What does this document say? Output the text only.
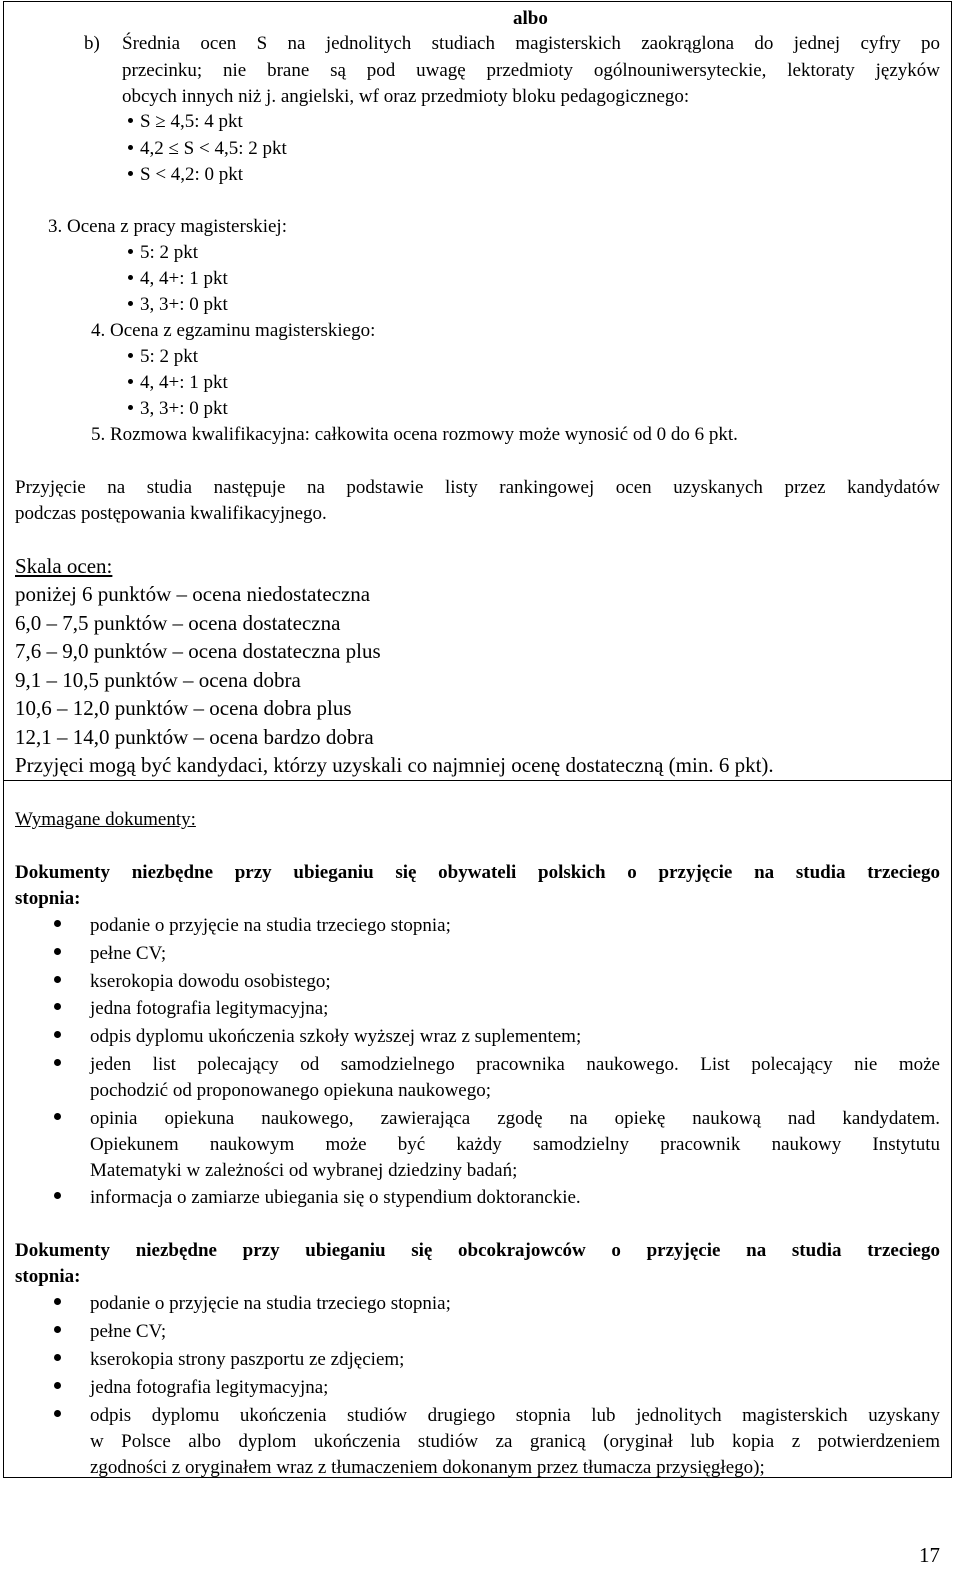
albo
b) Średnia ocen S na jednolitych studiach magisterskich zaokrąglona do jednej cyfry po
przecinku; nie brane są pod uwagę przedmioty ogólnouniwersyteckie, lektoraty języków
obcych innych niż j. angielski, wf oraz przedmioty bloku pedagogicznego:
S ≥ 4,5: 4 pkt
4,2 ≤ S < 4,5: 2 pkt
S < 4,2: 0 pkt
3. Ocena z pracy magisterskiej:
5: 2 pkt
4, 4+: 1 pkt
3, 3+: 0 pkt
4. Ocena z egzaminu magisterskiego:
5: 2 pkt
4, 4+: 1 pkt
3, 3+: 0 pkt
5. Rozmowa kwalifikacyjna: całkowita ocena rozmowy może wynosić od 0 do 6 pkt.
Przyjęcie na studia następuje na podstawie listy rankingowej ocen uzyskanych przez kandydatów
podczas postępowania kwalifikacyjnego.
Skala ocen:
poniżej 6 punktów – ocena niedostateczna
6,0 – 7,5 punktów – ocena dostateczna
7,6 – 9,0 punktów – ocena dostateczna plus
9,1 – 10,5 punktów – ocena dobra
10,6 – 12,0 punktów – ocena dobra plus
12,1 – 14,0 punktów – ocena bardzo dobra
Przyjęci mogą być kandydaci, którzy uzyskali co najmniej ocenę dostateczną (min. 6 pkt).
Wymagane dokumenty:
Dokumenty niezbędne przy ubieganiu się obywateli polskich o przyjęcie na studia trzeciego
stopnia:
podanie o przyjęcie na studia trzeciego stopnia;
pełne CV;
kserokopia dowodu osobistego;
jedna fotografia legitymacyjna;
odpis dyplomu ukończenia szkoły wyższej wraz z suplementem;
jeden list polecający od samodzielnego pracownika naukowego. List polecający nie może
pochodzić od proponowanego opiekuna naukowego;
opinia opiekuna naukowego, zawierająca zgodę na opiekę naukową nad kandydatem.
Opiekunem naukowym może być każdy samodzielny pracownik naukowy Instytutu
Matematyki w zależności od wybranej dziedziny badań;
informacja o zamiarze ubiegania się o stypendium doktoranckie.
Dokumenty niezbędne przy ubieganiu się obcokrajowców o przyjęcie na studia trzeciego
stopnia:
podanie o przyjęcie na studia trzeciego stopnia;
pełne CV;
kserokopia strony paszportu ze zdjęciem;
jedna fotografia legitymacyjna;
odpis dyplomu ukończenia studiów drugiego stopnia lub jednolitych magisterskich uzyskany
w Polsce albo dyplom ukończenia studiów za granicą (oryginał lub kopia z potwierdzeniem
zgodności z oryginałem wraz z tłumaczeniem dokonanym przez tłumacza przysięgłego);
17
